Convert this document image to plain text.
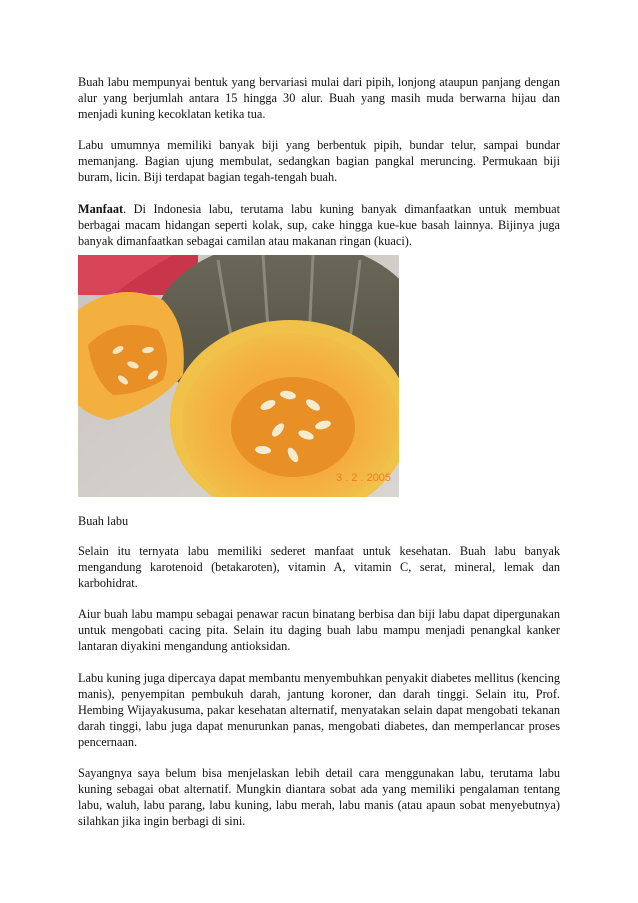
Buah labu mempunyai bentuk yang bervariasi mulai dari pipih, lonjong ataupun panjang dengan alur yang berjumlah antara 15 hingga 30 alur. Buah yang masih muda berwarna hijau dan menjadi kuning kecoklatan ketika tua.

Labu umumnya memiliki banyak biji yang berbentuk pipih, bundar telur, sampai bundar memanjang. Bagian ujung membulat, sedangkan bagian pangkal meruncing. Permukaan biji buram, licin. Biji terdapat bagian tegah-tengah buah.

Manfaat. Di Indonesia labu, terutama labu kuning banyak dimanfaatkan untuk membuat berbagai macam hidangan seperti kolak, sup, cake hingga kue-kue basah lainnya. Bijinya juga banyak dimanfaatkan sebagai camilan atau makanan ringan (kuaci).

3 . 2 . 2005
Buah labu

Selain itu ternyata labu memiliki sederet manfaat untuk kesehatan. Buah labu banyak mengandung karotenoid (betakaroten), vitamin A, vitamin C, serat, mineral, lemak dan karbohidrat.

Aiur buah labu mampu sebagai penawar racun binatang berbisa dan biji labu dapat dipergunakan untuk mengobati cacing pita. Selain itu daging buah labu mampu menjadi penangkal kanker lantaran diyakini mengandung antioksidan.

Labu kuning juga dipercaya dapat membantu menyembuhkan penyakit diabetes mellitus (kencing manis), penyempitan pembukuh darah, jantung koroner, dan darah tinggi. Selain itu, Prof. Hembing Wijayakusuma, pakar kesehatan alternatif, menyatakan selain dapat mengobati tekanan darah tinggi, labu juga dapat menurunkan panas, mengobati diabetes, dan memperlancar proses pencernaan.

Sayangnya saya belum bisa menjelaskan lebih detail cara menggunakan labu, terutama labu kuning sebagai obat alternatif. Mungkin diantara sobat ada yang memiliki pengalaman tentang labu, waluh, labu parang, labu kuning, labu merah, labu manis (atau apaun sobat menyebutnya) silahkan jika ingin berbagi di sini.
